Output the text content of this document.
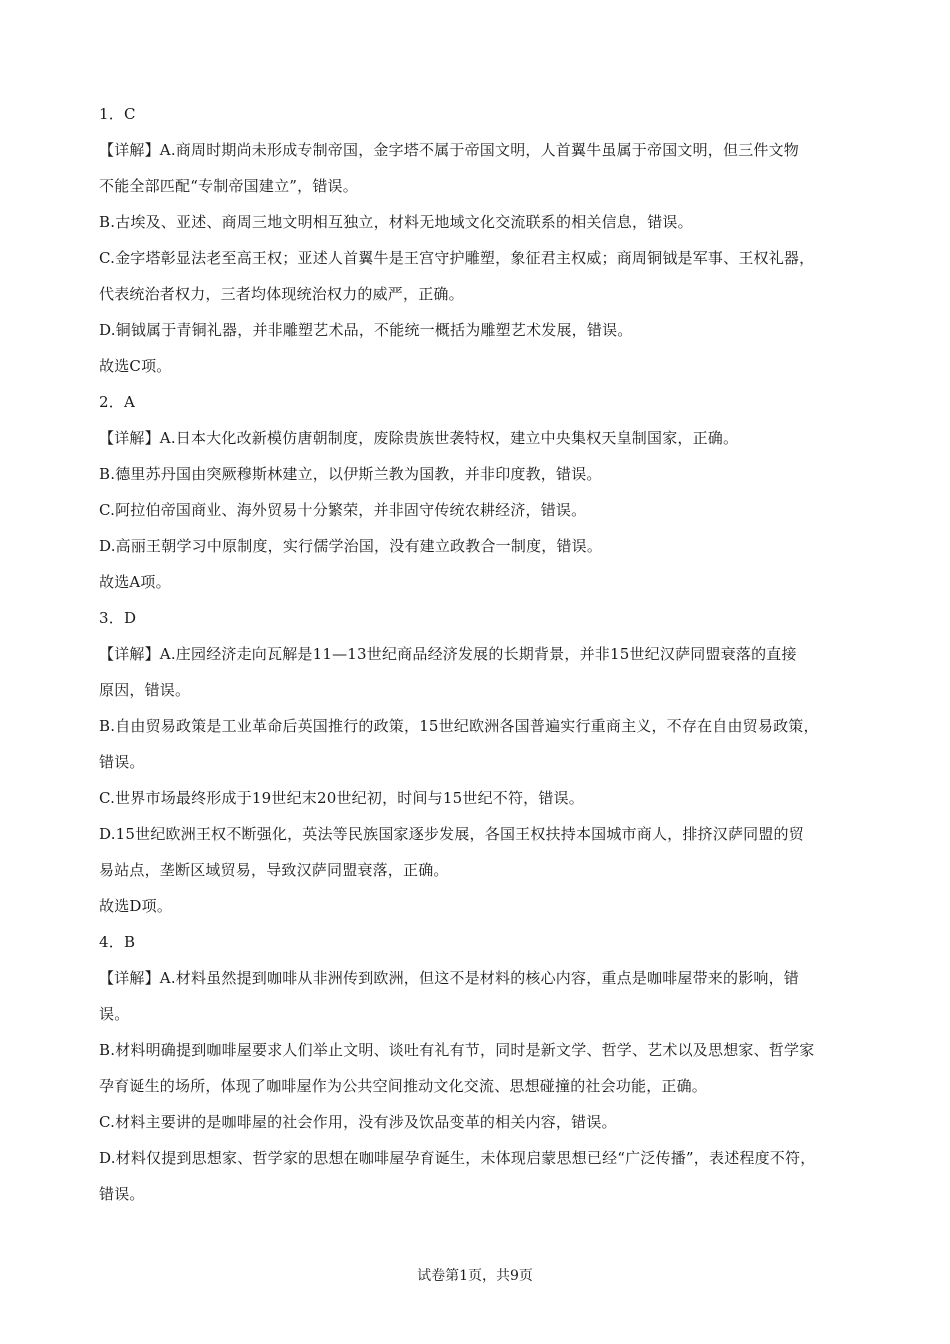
1．C
【详解】A.商周时期尚未形成专制帝国，金字塔不属于帝国文明，人首翼牛虽属于帝国文明，但三件文物
不能全部匹配“专制帝国建立”，错误。
B.古埃及、亚述、商周三地文明相互独立，材料无地域文化交流联系的相关信息，错误。
C.金字塔彰显法老至高王权；亚述人首翼牛是王宫守护雕塑，象征君主权威；商周铜钺是军事、王权礼器，
代表统治者权力，三者均体现统治权力的威严，正确。
D.铜钺属于青铜礼器，并非雕塑艺术品，不能统一概括为雕塑艺术发展，错误。
故选C项。
2．A
【详解】A.日本大化改新模仿唐朝制度，废除贵族世袭特权，建立中央集权天皇制国家，正确。
B.德里苏丹国由突厥穆斯林建立，以伊斯兰教为国教，并非印度教，错误。
C.阿拉伯帝国商业、海外贸易十分繁荣，并非固守传统农耕经济，错误。
D.高丽王朝学习中原制度，实行儒学治国，没有建立政教合一制度，错误。
故选A项。
3．D
【详解】A.庄园经济走向瓦解是11—13世纪商品经济发展的长期背景，并非15世纪汉萨同盟衰落的直接
原因，错误。
B.自由贸易政策是工业革命后英国推行的政策，15世纪欧洲各国普遍实行重商主义，不存在自由贸易政策，
错误。
C.世界市场最终形成于19世纪末20世纪初，时间与15世纪不符，错误。
D.15世纪欧洲王权不断强化，英法等民族国家逐步发展，各国王权扶持本国城市商人，排挤汉萨同盟的贸
易站点，垄断区域贸易，导致汉萨同盟衰落，正确。
故选D项。
4．B
【详解】A.材料虽然提到咖啡从非洲传到欧洲，但这不是材料的核心内容，重点是咖啡屋带来的影响，错
误。
B.材料明确提到咖啡屋要求人们举止文明、谈吐有礼有节，同时是新文学、哲学、艺术以及思想家、哲学家
孕育诞生的场所，体现了咖啡屋作为公共空间推动文化交流、思想碰撞的社会功能，正确。
C.材料主要讲的是咖啡屋的社会作用，没有涉及饮品变革的相关内容，错误。
D.材料仅提到思想家、哲学家的思想在咖啡屋孕育诞生，未体现启蒙思想已经“广泛传播”，表述程度不符，
错误。
试卷第1页，共9页
